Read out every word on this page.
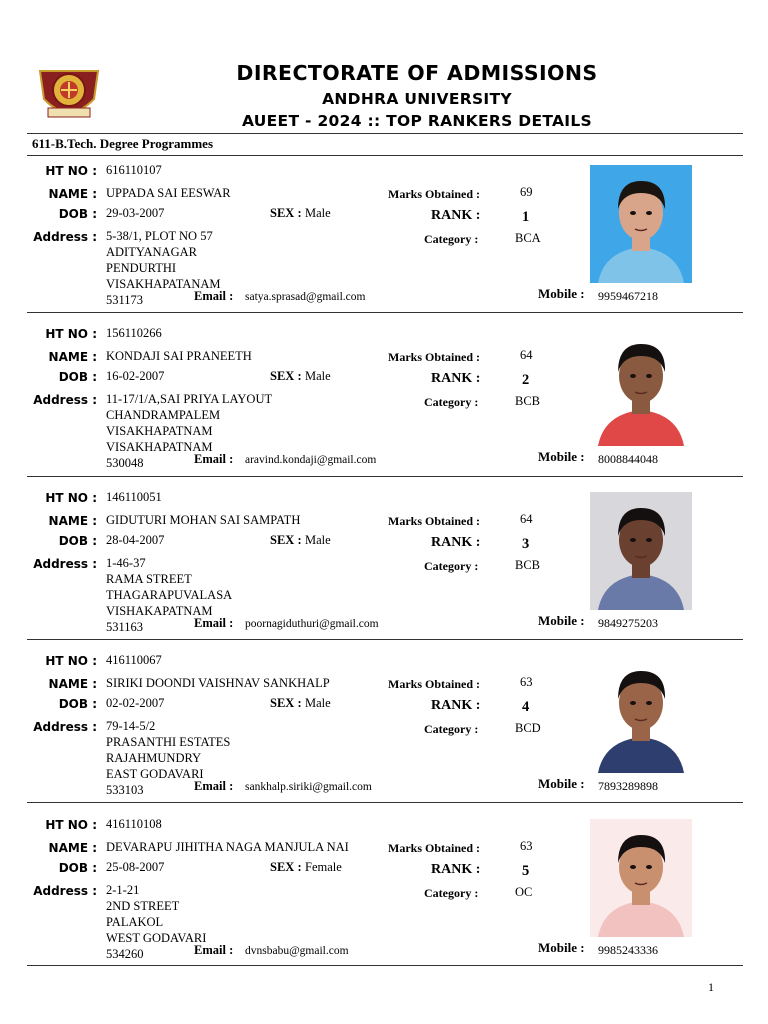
DIRECTORATE OF ADMISSIONS
ANDHRA UNIVERSITY
AUEET - 2024 :: TOP RANKERS DETAILS
611-B.Tech. Degree Programmes
HT NO : 616110107
NAME : UPPADA SAI EESWAR
DOB : 29-03-2007	SEX : Male
Address : 5-38/1, PLOT NO 57
ADITYANAGAR
PENDURTHI
VISAKHAPATANAM
531173	Email : satya.sprasad@gmail.com
Marks Obtained :	69
RANK :	1
Category :	BCA
Mobile : 9959467218
HT NO : 156110266
NAME : KONDAJI SAI PRANEETH
DOB : 16-02-2007	SEX : Male
Address : 11-17/1/A,SAI PRIYA LAYOUT
CHANDRAMPALEM
VISAKHAPATNAM
VISAKHAPATNAM
530048	Email : aravind.kondaji@gmail.com
Marks Obtained :	64
RANK :	2
Category :	BCB
Mobile : 8008844048
HT NO : 146110051
NAME : GIDUTURI MOHAN SAI SAMPATH
DOB : 28-04-2007	SEX : Male
Address : 1-46-37
RAMA STREET
THAGARAPUVALASA
VISHAKAPATNAM
531163	Email : poornagiduthuri@gmail.com
Marks Obtained :	64
RANK :	3
Category :	BCB
Mobile : 9849275203
HT NO : 416110067
NAME : SIRIKI DOONDI VAISHNAV SANKHALP
DOB : 02-02-2007	SEX : Male
Address : 79-14-5/2
PRASANTHI ESTATES
RAJAHMUNDRY
EAST GODAVARI
533103	Email : sankhalp.siriki@gmail.com
Marks Obtained :	63
RANK :	4
Category :	BCD
Mobile : 7893289898
HT NO : 416110108
NAME : DEVARAPU JIHITHA NAGA MANJULA NAI
DOB : 25-08-2007	SEX : Female
Address : 2-1-21
2ND STREET
PALAKOL
WEST GODAVARI
534260	Email : dvnsbabu@gmail.com
Marks Obtained :	63
RANK :	5
Category :	OC
Mobile : 9985243336
1
